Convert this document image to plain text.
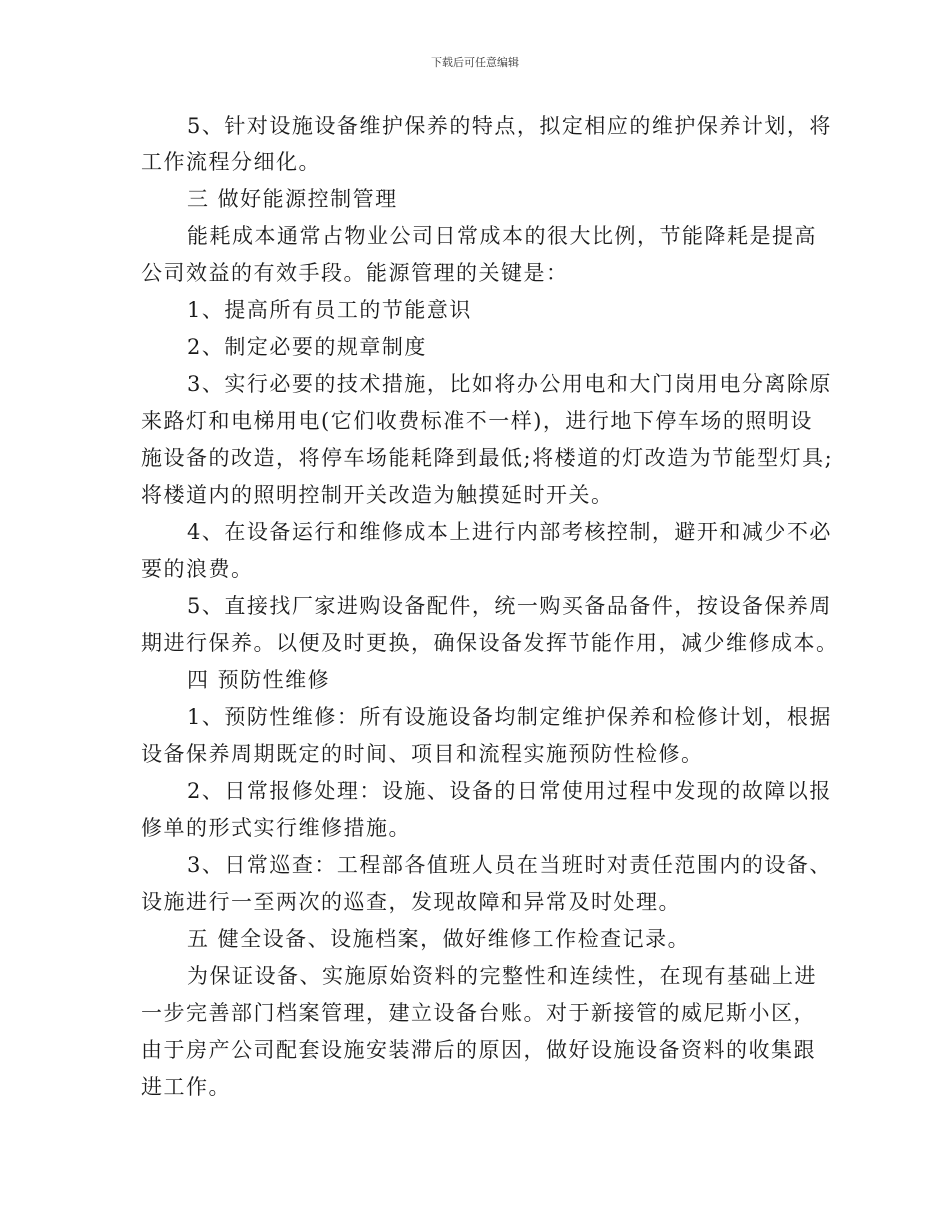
下载后可任意编辑
5、针对设施设备维护保养的特点，拟定相应的维护保养计划，将
工作流程分细化。
三 做好能源控制管理
能耗成本通常占物业公司日常成本的很大比例，节能降耗是提高
公司效益的有效手段。能源管理的关键是：
1、提高所有员工的节能意识
2、制定必要的规章制度
3、实行必要的技术措施，比如将办公用电和大门岗用电分离除原
来路灯和电梯用电(它们收费标准不一样)，进行地下停车场的照明设
施设备的改造，将停车场能耗降到最低;将楼道的灯改造为节能型灯具;
将楼道内的照明控制开关改造为触摸延时开关。
4、在设备运行和维修成本上进行内部考核控制，避开和减少不必
要的浪费。
5、直接找厂家进购设备配件，统一购买备品备件，按设备保养周
期进行保养。以便及时更换，确保设备发挥节能作用，减少维修成本。
四 预防性维修
1、预防性维修：所有设施设备均制定维护保养和检修计划，根据
设备保养周期既定的时间、项目和流程实施预防性检修。
2、日常报修处理：设施、设备的日常使用过程中发现的故障以报
修单的形式实行维修措施。
3、日常巡查：工程部各值班人员在当班时对责任范围内的设备、
设施进行一至两次的巡查，发现故障和异常及时处理。
五 健全设备、设施档案，做好维修工作检查记录。
为保证设备、实施原始资料的完整性和连续性，在现有基础上进
一步完善部门档案管理，建立设备台账。对于新接管的威尼斯小区，
由于房产公司配套设施安装滞后的原因，做好设施设备资料的收集跟
进工作。
